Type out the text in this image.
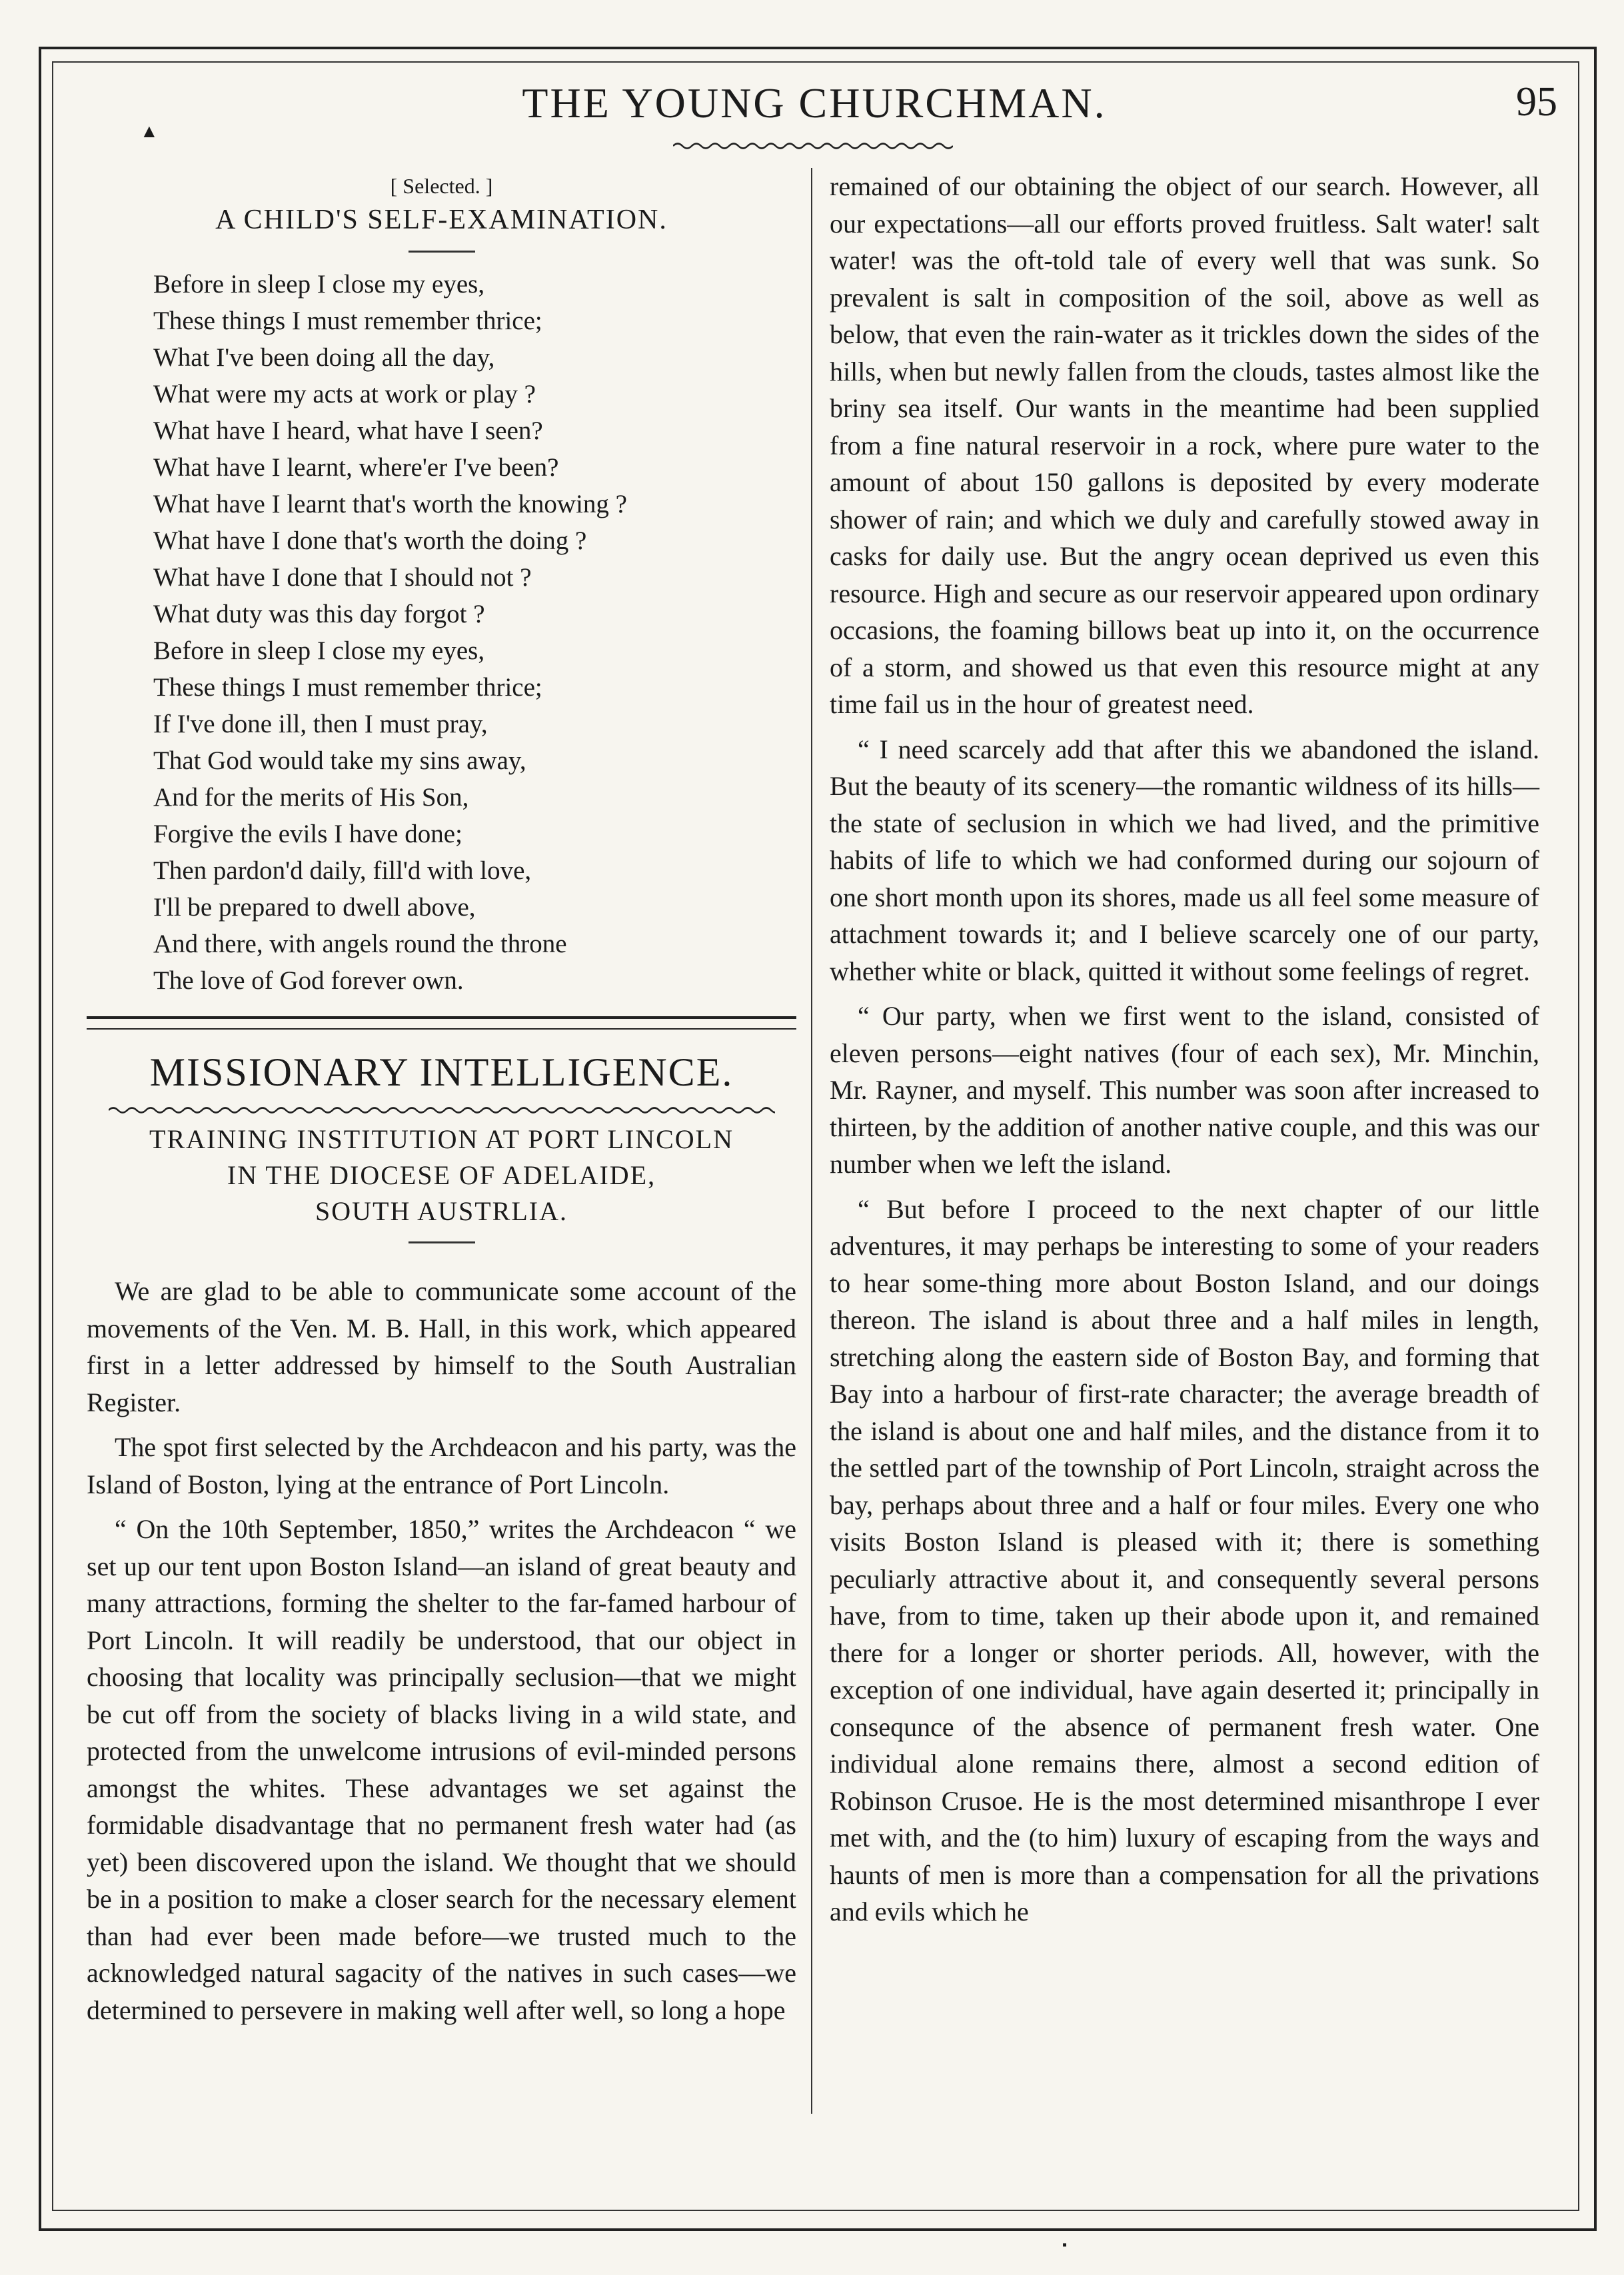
▲
THE YOUNG CHURCHMAN.	95
[ Selected. ]
A CHILD'S SELF-EXAMINATION.
Before in sleep I close my eyes,
These things I must remember thrice;
What I've been doing all the day,
What were my acts at work or play ?
What have I heard, what have I seen?
What have I learnt, where'er I've been?
What have I learnt that's worth the knowing ?
What have I done that's worth the doing ?
What have I done that I should not ?
What duty was this day forgot ?
Before in sleep I close my eyes,
These things I must remember thrice;
If I've done ill, then I must pray,
That God would take my sins away,
And for the merits of His Son,
Forgive the evils I have done;
Then pardon'd daily, fill'd with love,
I'll be prepared to dwell above,
And there, with angels round the throne
The love of God forever own.
MISSIONARY INTELLIGENCE.
TRAINING INSTITUTION AT PORT LINCOLN
IN THE DIOCESE OF ADELAIDE,
SOUTH AUSTRLIA.

We are glad to be able to communicate some account of the movements of the Ven. M. B. Hall, in this work, which appeared first in a letter addressed by himself to the South Australian Register.

The spot first selected by the Archdeacon and his party, was the Island of Boston, lying at the entrance of Port Lincoln.

“ On the 10th September, 1850,” writes the Archdeacon “ we set up our tent upon Boston Island—an island of great beauty and many attractions, forming the shelter to the far-famed harbour of Port Lincoln. It will readily be understood, that our object in choosing that locality was principally seclusion—that we might be cut off from the society of blacks living in a wild state, and protected from the unwelcome intrusions of evil-minded persons amongst the whites. These advantages we set against the formidable disadvantage that no permanent fresh water had (as yet) been discovered upon the island. We thought that we should be in a position to make a closer search for the necessary element than had ever been made before—we trusted much to the acknowledged natural sagacity of the natives in such cases—we determined to persevere in making well after well, so long a hope

remained of our obtaining the object of our search. However, all our expectations—all our efforts proved fruitless. Salt water! salt water! was the oft-told tale of every well that was sunk. So prevalent is salt in composition of the soil, above as well as below, that even the rain-water as it trickles down the sides of the hills, when but newly fallen from the clouds, tastes almost like the briny sea itself. Our wants in the meantime had been supplied from a fine natural reservoir in a rock, where pure water to the amount of about 150 gallons is deposited by every moderate shower of rain; and which we duly and carefully stowed away in casks for daily use. But the angry ocean deprived us even this resource. High and secure as our reservoir appeared upon ordinary occasions, the foaming billows beat up into it, on the occurrence of a storm, and showed us that even this resource might at any time fail us in the hour of greatest need.

“ I need scarcely add that after this we abandoned the island. But the beauty of its scenery—the romantic wildness of its hills—the state of seclusion in which we had lived, and the primitive habits of life to which we had conformed during our sojourn of one short month upon its shores, made us all feel some measure of attachment towards it; and I believe scarcely one of our party, whether white or black, quitted it without some feelings of regret.

“ Our party, when we first went to the island, consisted of eleven persons—eight natives (four of each sex), Mr. Minchin, Mr. Rayner, and myself. This number was soon after increased to thirteen, by the addition of another native couple, and this was our number when we left the island.

“ But before I proceed to the next chapter of our little adventures, it may perhaps be interesting to some of your readers to hear some-thing more about Boston Island, and our doings thereon. The island is about three and a half miles in length, stretching along the eastern side of Boston Bay, and forming that Bay into a harbour of first-rate character; the average breadth of the island is about one and half miles, and the distance from it to the settled part of the township of Port Lincoln, straight across the bay, perhaps about three and a half or four miles. Every one who visits Boston Island is pleased with it; there is something peculiarly attractive about it, and consequently several persons have, from to time, taken up their abode upon it, and remained there for a longer or shorter periods. All, however, with the exception of one individual, have again deserted it; principally in consequnce of the absence of permanent fresh water. One individual alone remains there, almost a second edition of Robinson Crusoe. He is the most determined misanthrope I ever met with, and the (to him) luxury of escaping from the ways and haunts of men is more than a compensation for all the privations and evils which he

▪
